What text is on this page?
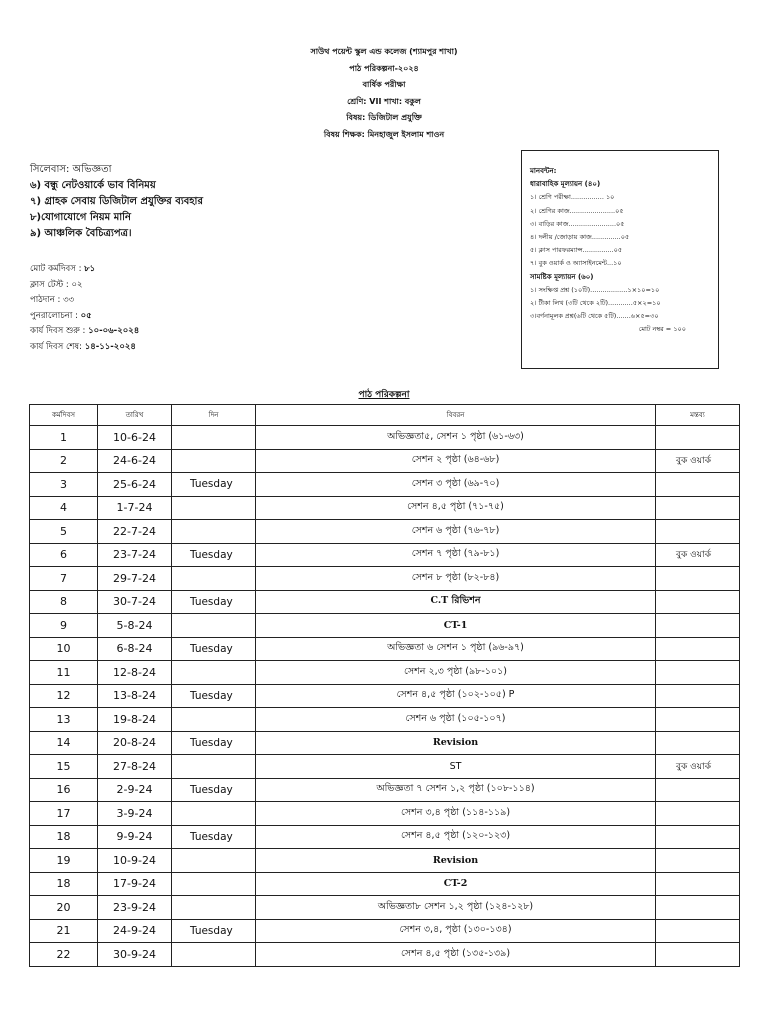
সাউথ পয়েন্ট স্কুল এন্ড কলেজ (শ্যামপুর শাখা)
পাঠ পরিকল্পনা-২০২৪
বার্ষিক পরীক্ষা
শ্রেণি: VII শাখা: বকুল
বিষয়: ডিজিটাল প্রযুক্তি
বিষয় শিক্ষক: মিনহাজুল ইসলাম শাওন
সিলেবাস: অভিজ্ঞতা
৬) বন্ধু নেটওয়ার্কে ভাব বিনিময়
৭) গ্রাহক সেবায় ডিজিটাল প্রযুক্তির ব্যবহার
৮)যোগাযোগে নিয়ম মানি
৯) আঞ্চলিক বৈচিত্র্যপত্র।
মোট কর্মদিবস : ৮১
ক্লাস টেস্ট : ০২
পাঠদান : ৩৩
পুনরালোচনা : ০৫
কার্য দিবস শুরু : ১০-০৬-২০২৪
কার্য দিবস শেষ: ১৪-১১-২০২৪
মানবন্টন:
ধারাবাহিক মূল্যায়ন (৪০)
১। শ্রেণি পরীক্ষা................ ১০
২। শ্রেণির কাজ......................০৫
৩। বাড়ির কাজ.......................০৫
৪। দলীয় /জোড়ায় কাজ..............০৫
৫। ক্লাস পারফরম্যান্স...............০৫
৭। বুক ওয়ার্ক ও অ্যাসাইনমেন্ট...১০
সামষ্টিক মূল্যায়ন (৬০)
১। সংক্ষিপ্ত প্রশ্ন (১০টি)..................১×১০=১০
২। টীকা লিখ (৩টি থেকে ২টি)............৫×২=১০
৩।বর্ণনামূলক প্রশ্ন(৬টি থেকে ৫টি).......৬×৫=৩০
মোট নম্বর = ১০০
পাঠ পরিকল্পনা
কর্মদিবস	তারিখ	দিন	বিবরন	মন্তব্য
1	10-6-24		অভিজ্ঞতা৫, সেশন ১ পৃষ্ঠা (৬১-৬৩)	
2	24-6-24		সেশন ২ পৃষ্ঠা (৬৪-৬৮)	বুক ওয়ার্ক
3	25-6-24	Tuesday	সেশন ৩ পৃষ্ঠা (৬৯-৭০)	
4	1-7-24		সেশন ৪,৫ পৃষ্ঠা (৭১-৭৫)	
5	22-7-24		সেশন ৬ পৃষ্ঠা (৭৬-৭৮)	
6	23-7-24	Tuesday	সেশন ৭ পৃষ্ঠা (৭৯-৮১)	বুক ওয়ার্ক
7	29-7-24		সেশন ৮ পৃষ্ঠা (৮২-৮৪)	
8	30-7-24	Tuesday	C.T রিভিশন	
9	5-8-24		CT-1	
10	6-8-24	Tuesday	অভিজ্ঞতা ৬ সেশন ১ পৃষ্ঠা (৯৬-৯৭)	
11	12-8-24		সেশন ২,৩ পৃষ্ঠা (৯৮-১০১)	
12	13-8-24	Tuesday	সেশন ৪,৫ পৃষ্ঠা (১০২-১০৫) P	
13	19-8-24		সেশন ৬ পৃষ্ঠা (১০৫-১০৭)	
14	20-8-24	Tuesday	Revision	
15	27-8-24		ST	বুক ওয়ার্ক
16	2-9-24	Tuesday	অভিজ্ঞতা ৭ সেশন ১,২ পৃষ্ঠা (১০৮-১১৪)	
17	3-9-24		সেশন ৩,৪ পৃষ্ঠা (১১৪-১১৯)	
18	9-9-24	Tuesday	সেশন ৪,৫ পৃষ্ঠা (১২০-১২৩)	
19	10-9-24		Revision	
18	17-9-24		CT-2	
20	23-9-24		অভিজ্ঞতা৮ সেশন ১,২ পৃষ্ঠা (১২৪-১২৮)	
21	24-9-24	Tuesday	সেশন ৩,৪, পৃষ্ঠা (১৩০-১৩৪)	
22	30-9-24		সেশন ৪,৫ পৃষ্ঠা (১৩৫-১৩৯)	
